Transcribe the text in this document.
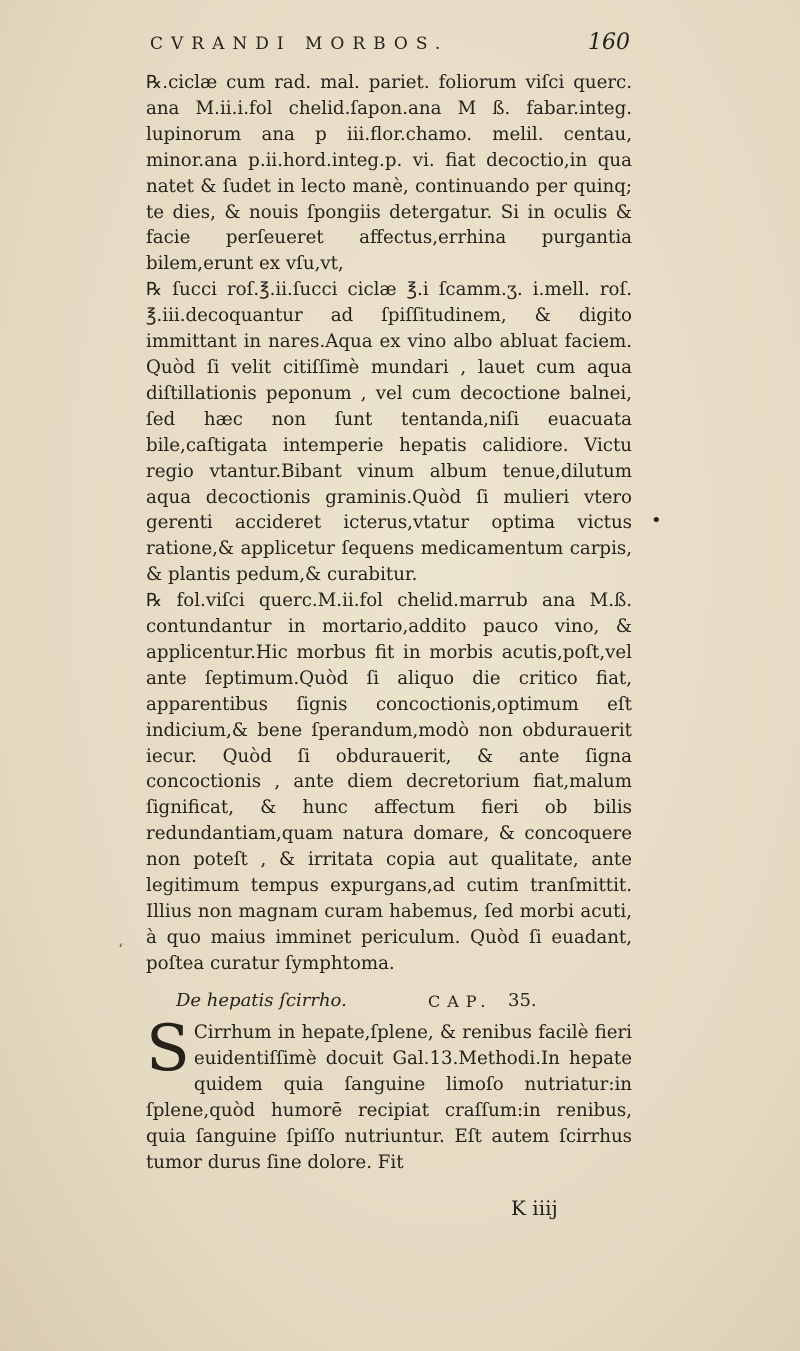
CVRANDI MORBOS.	160

℞.ciclæ cum rad. mal. pariet. foliorum viſci querc. ana M.ii.i.fol chelid.ſapon.ana M ß. fabar.integ. lupinorum ana p iii.flor.chamo. melil. centau, minor.ana p.ii.hord.integ.p. vi. fiat decoctio,in qua natet & ſudet in lecto manè, continuando per quinq; te dies, & nouis ſpongiis detergatur. Si in oculis & facie perſeueret affectus,errhina purgantia bilem,erunt ex vſu,vt,

℞ ſucci roſ.℥.ii.ſucci ciclæ ℥.i ſcamm.ʒ. i.mell. roſ. ℥.iii.decoquantur ad ſpiſſitudinem, & digito immittant in nares.Aqua ex vino albo abluat faciem. Quòd ſi velit citiſſimè mundari , lauet cum aqua diſtillationis peponum , vel cum decoctione balnei, ſed hæc non ſunt tentanda,niſi euacuata bile,caſtigata intemperie hepatis calidiore. Victu regio vtantur.Bibant vinum album tenue,dilutum aqua decoctionis graminis.Quòd ſi mulieri vtero gerenti accideret icterus,vtatur optima victus ratione,& applicetur ſequens medicamentum carpis, & plantis pedum,& curabitur.

℞ fol.viſci querc.M.ii.fol chelid.marrub ana M.ß. contundantur in mortario,addito pauco vino, & applicentur.Hic morbus fit in morbis acutis,poſt,vel ante ſeptimum.Quòd ſi aliquo die critico fiat, apparentibus ſignis concoctionis,optimum eſt indicium,& bene ſperandum,modò non obdurauerit iecur. Quòd ſi obdurauerit, & ante ſigna concoctionis , ante diem decretorium fiat,malum ſignificat, & hunc affectum fieri ob bilis redundantiam,quam natura domare, & concoquere non poteſt , & irritata copia aut qualitate, ante legitimum tempus expurgans,ad cutim tranſmittit. Illius non magnam curam habemus, ſed morbi acuti, à quo maius imminet periculum. Quòd ſi euadant, poſtea curatur ſymphtoma.

De hepatis ſcirrho.	CAP. 35.

S Cirrhum in hepate,ſplene, & renibus facilè fieri euidentiſſimè docuit Gal.13.Methodi.In hepate quidem quia ſanguine limoſo nutriatur:in ſplene,quòd humorē recipiat craſſum:in renibus, quia ſanguine ſpiſſo nutriuntur. Eſt autem ſcirrhus tumor durus ſine dolore. Fit

K iiij
•
‘
